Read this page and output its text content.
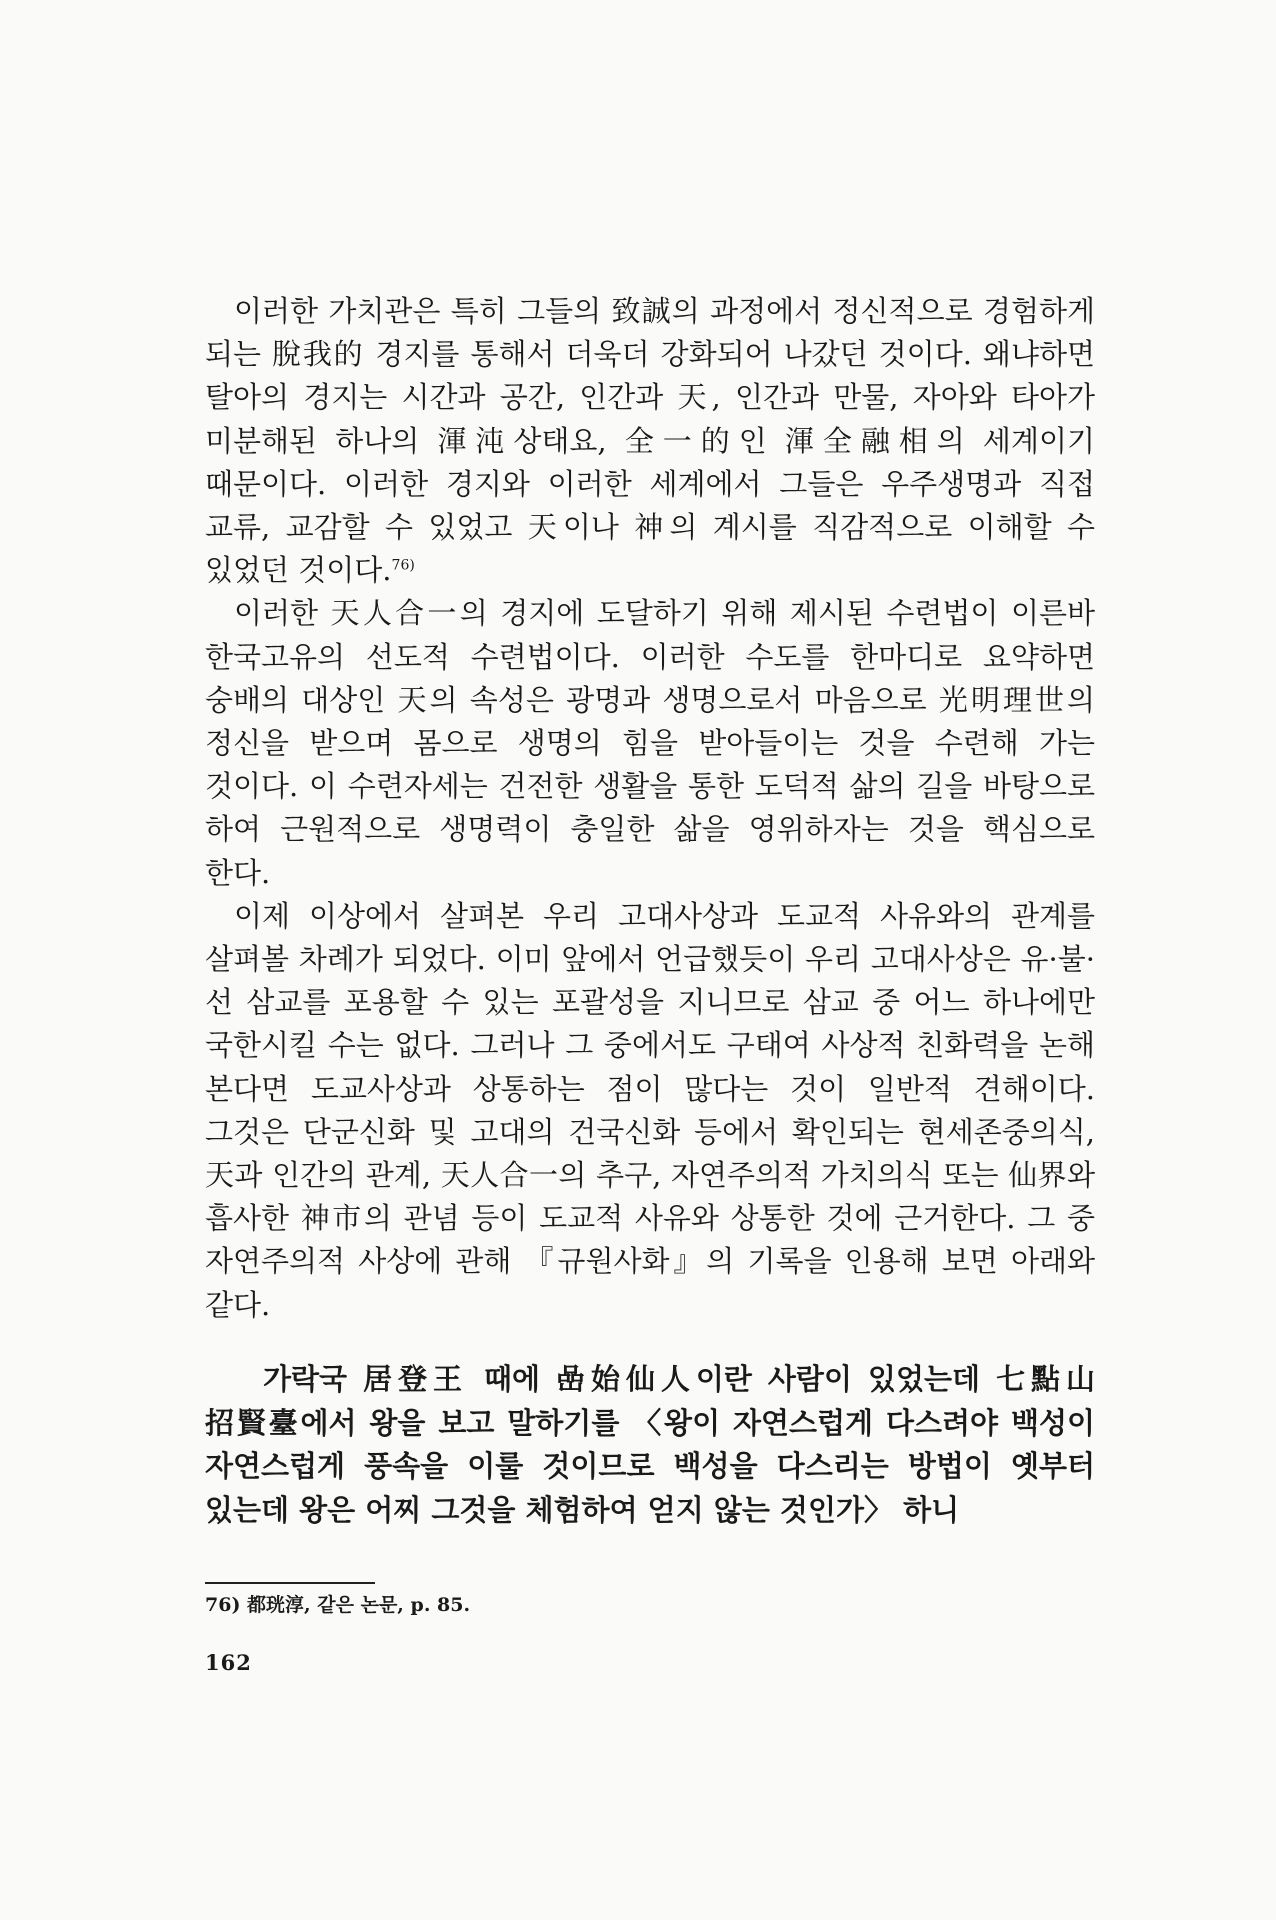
이러한 가치관은 특히 그들의 致誠의 과정에서 정신적으로 경험하게 되는 脫我的 경지를 통해서 더욱더 강화되어 나갔던 것이다. 왜냐하면 탈아의 경지는 시간과 공간, 인간과 天, 인간과 만물, 자아와 타아가 미분해된 하나의 渾沌상태요, 全一的인 渾全融相의 세계이기 때문이다. 이러한 경지와 이러한 세계에서 그들은 우주생명과 직접 교류, 교감할 수 있었고 天이나 神의 계시를 직감적으로 이해할 수 있었던 것이다.$^{76)}$

이러한 天人合一의 경지에 도달하기 위해 제시된 수련법이 이른바 한국고유의 선도적 수련법이다. 이러한 수도를 한마디로 요약하면 숭배의 대상인 天의 속성은 광명과 생명으로서 마음으로 光明理世의 정신을 받으며 몸으로 생명의 힘을 받아들이는 것을 수련해 가는 것이다. 이 수련자세는 건전한 생활을 통한 도덕적 삶의 길을 바탕으로 하여 근원적으로 생명력이 충일한 삶을 영위하자는 것을 핵심으로 한다.

이제 이상에서 살펴본 우리 고대사상과 도교적 사유와의 관계를 살펴볼 차례가 되었다. 이미 앞에서 언급했듯이 우리 고대사상은 유·불·선 삼교를 포용할 수 있는 포괄성을 지니므로 삼교 중 어느 하나에만 국한시킬 수는 없다. 그러나 그 중에서도 구태여 사상적 친화력을 논해 본다면 도교사상과 상통하는 점이 많다는 것이 일반적 견해이다. 그것은 단군신화 및 고대의 건국신화 등에서 확인되는 현세존중의식, 天과 인간의 관계, 天人合一의 추구, 자연주의적 가치의식 또는 仙界와 흡사한 神市의 관념 등이 도교적 사유와 상통한 것에 근거한다. 그 중 자연주의적 사상에 관해 『규원사화』의 기록을 인용해 보면 아래와 같다.

가락국 居登王 때에 嵒始仙人이란 사람이 있었는데 七點山 招賢臺에서 왕을 보고 말하기를 〈왕이 자연스럽게 다스려야 백성이 자연스럽게 풍속을 이룰 것이므로 백성을 다스리는 방법이 옛부터 있는데 왕은 어찌 그것을 체험하여 얻지 않는 것인가〉 하니

76) 都珖淳, 같은 논문, p. 85.
162
